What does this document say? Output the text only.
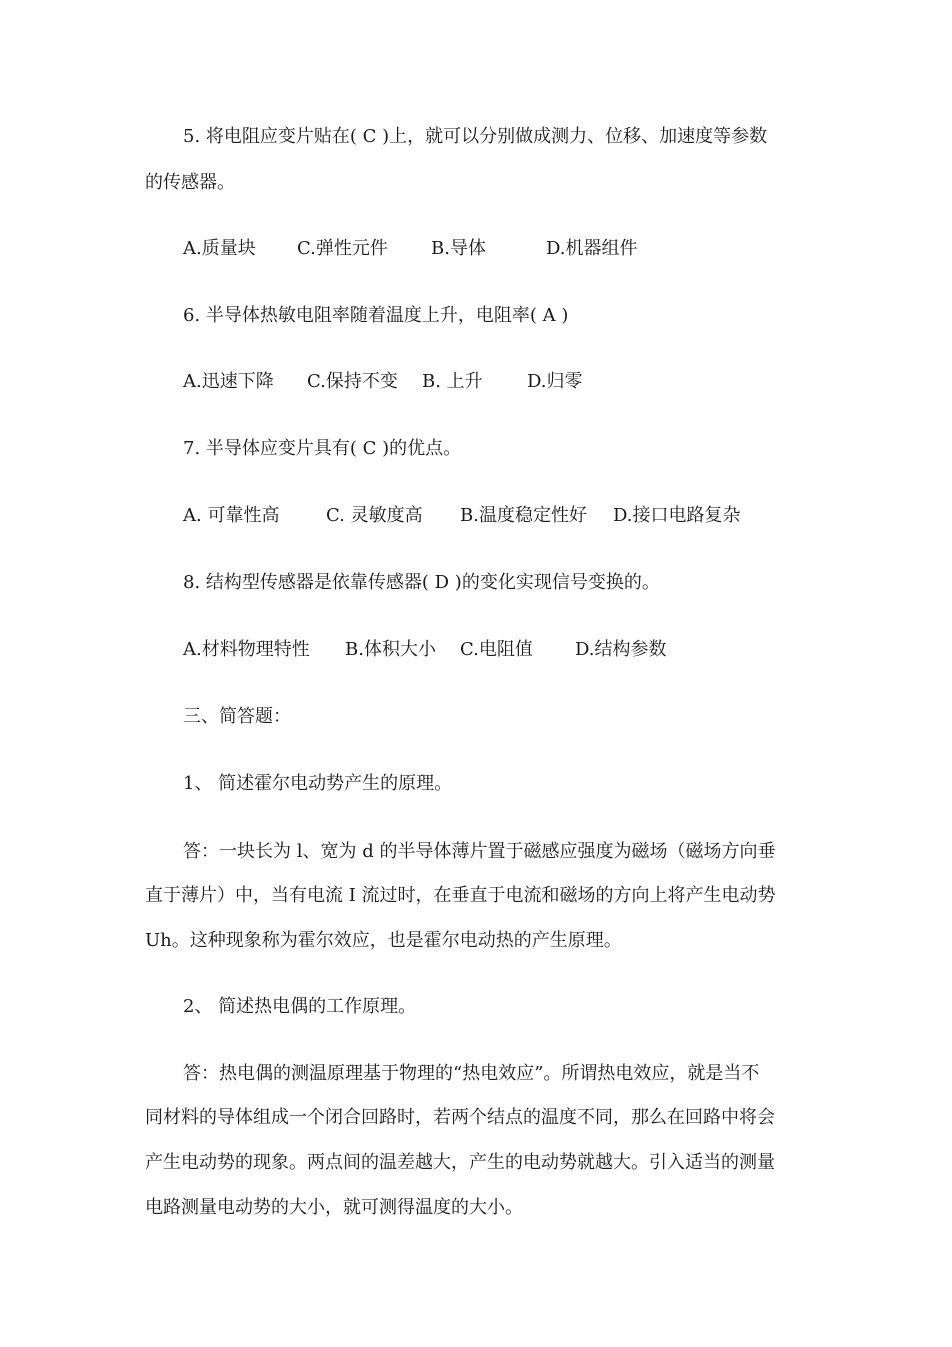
5. 将电阻应变片贴在( C )上，就可以分别做成测力、位移、加速度等参数
的传感器。
A.质量块 C.弹性元件 B.导体	D.机器组件
6. 半导体热敏电阻率随着温度上升，电阻率( A )
A.迅速下降 C.保持不变 B. 上升 D.归零
7. 半导体应变片具有( C )的优点。
A. 可靠性高	C. 灵敏度高 B.温度稳定性好 D.接口电路复杂
8. 结构型传感器是依靠传感器( D )的变化实现信号变换的。
A.材料物理特性 B.体积大小 C.电阻值 D.结构参数
三、简答题：
1、 简述霍尔电动势产生的原理。
答：一块长为 l、宽为 d 的半导体薄片置于磁感应强度为磁场（磁场方向垂
直于薄片）中，当有电流 I 流过时，在垂直于电流和磁场的方向上将产生电动势
Uh。这种现象称为霍尔效应，也是霍尔电动热的产生原理。
2、 简述热电偶的工作原理。
答：热电偶的测温原理基于物理的“热电效应”。所谓热电效应，就是当不
同材料的导体组成一个闭合回路时，若两个结点的温度不同，那么在回路中将会
产生电动势的现象。两点间的温差越大，产生的电动势就越大。引入适当的测量
电路测量电动势的大小，就可测得温度的大小。
